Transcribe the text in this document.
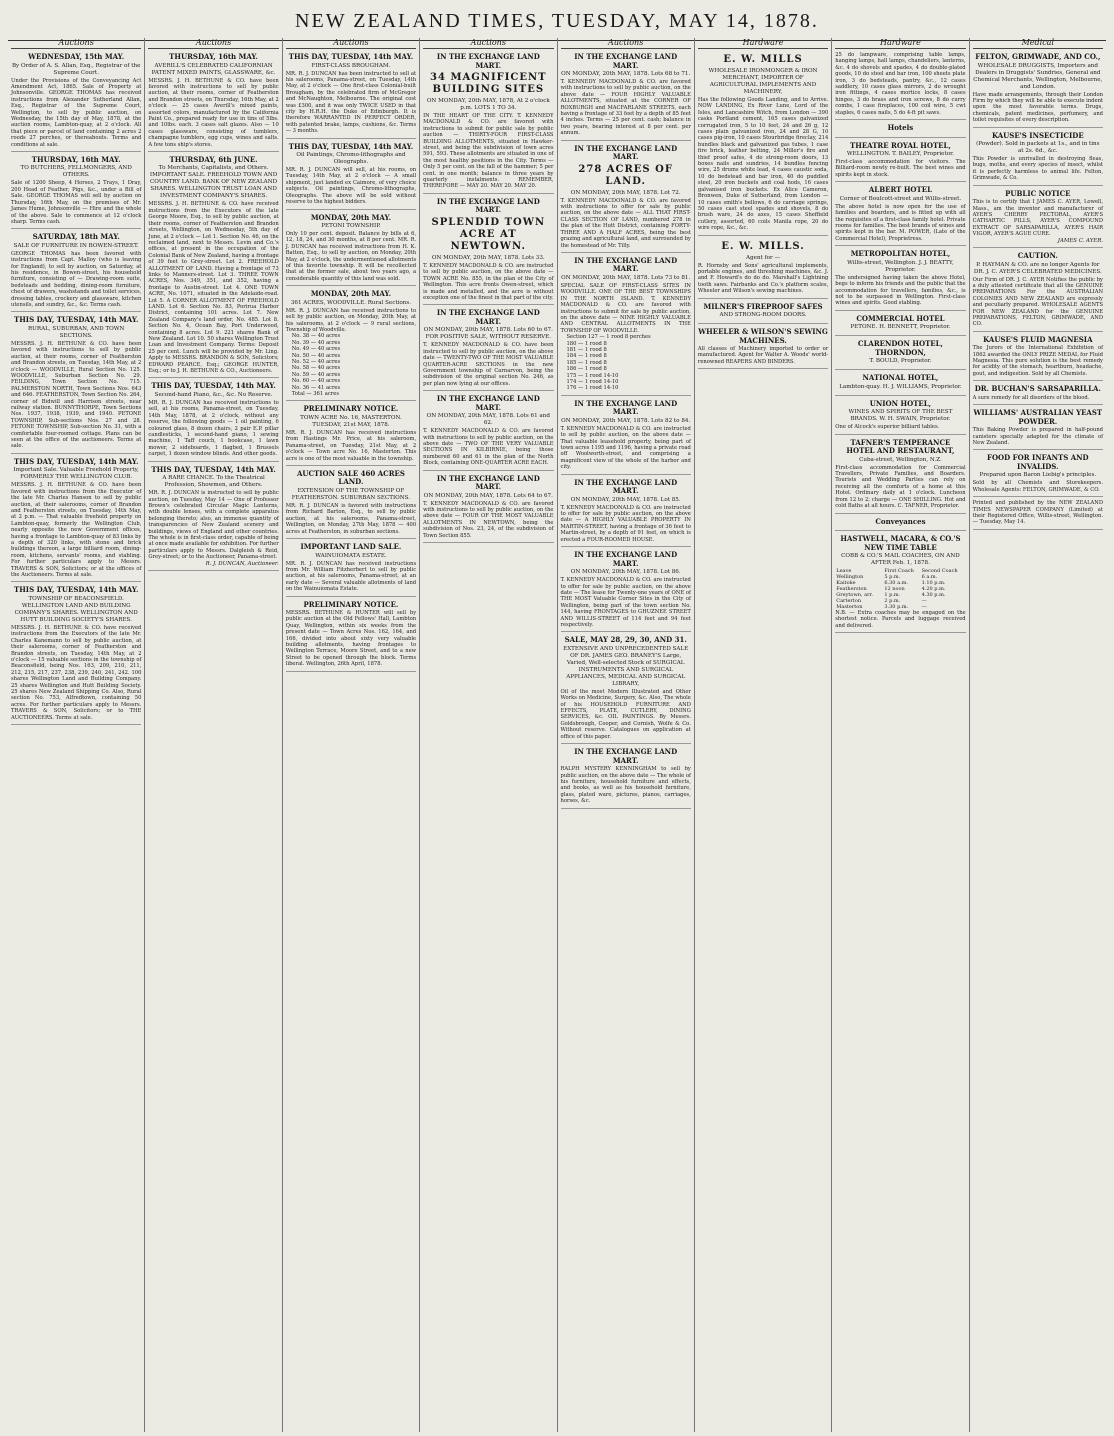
NEW ZEALAND TIMES, TUESDAY, MAY 14, 1878.
Auctions
WEDNESDAY, 15th MAY.
By Order of A. S. Allan, Esq., Registrar of the Supreme Court.
Under the Provisions of the Conveyancing Act Amendment Act, 1865. Sale of Property at Johnsonville. GEORGE THOMAS has received instructions from Alexander Sutherland Allan, Esq., Registrar of the Supreme Court, Wellington, to sell by public auction, on Wednesday, the 15th day of May, 1878, at the auction rooms, Lambton-quay, at 2 o'clock. All that piece or parcel of land containing 2 acres 2 roods 27 perches, or thereabouts. Terms and conditions at sale.
THURSDAY, 16th MAY.
TO BUTCHERS, FELLMONGERS, AND OTHERS.
Sale of 1200 Sheep, 4 Horses, 2 Trays, 1 Dray, 200 Head of Feather, Pigs, &c., under a Bill of Sale. GEORGE THOMAS will sell by auction on Thursday, 16th May, on the premises of Mr. James Hume, Johnsonville — Hire and the whole of the above. Sale to commence at 12 o'clock sharp. Terms cash.
SATURDAY, 18th MAY.
SALE OF FURNITURE IN BOWEN-STREET.
GEORGE THOMAS has been favored with instructions from Capt. Malloy (who is leaving for England), to sell by auction, on Saturday, at his residence, in Bowen-street, his household furniture, consisting of — Drawing-room suite, bedsteads and bedding, dining-room furniture, chest of drawers, washstands and toilet services, dressing tables, crockery and glassware, kitchen utensils, and sundry, &c., &c. Terms cash.
THIS DAY, TUESDAY, 14th MAY.
RURAL, SUBURBAN, AND TOWN SECTIONS.
MESSRS. J. H. BETHUNE & CO. have been favored with instructions to sell by public auction, at their rooms, corner of Featherston and Brandon streets, on Tuesday, 14th May, at 2 o'clock — WOODVILLE, Rural Section No. 125. WOODVILLE, Suburban Section No. 29. FEILDING, Town Section No. 715. PALMERSTON NORTH, Town Sections Nos. 643 and 646. FEATHERSTON, Town Section No. 264, corner of Bidwill and Harrison streets, near railway station. BUNNYTHORPE, Town Sections Nos. 1937, 1938, 1939, and 1940. PETONE TOWNSHIP, Sub-sections Nos. 27 and 28. FETONE TOWNSHIP, Sub-section No. 31, with a comfortable four-roomed cottage. Plans can be seen at the office of the auctioneers. Terms at sale.
THIS DAY, TUESDAY, 14th MAY.
Important Sale. Valuable Freehold Property, FORMERLY THE WELLINGTON CLUB.
MESSRS. J. H. BETHUNE & CO. have been favored with instructions from the Executor of the late Mr. Charles Hanson to sell by public auction, at their salerooms, corner of Brandon and Featherston streets, on Tuesday, 14th May, at 2 p.m. — That valuable freehold property on Lambton-quay, formerly the Wellington Club, nearly opposite the new Government offices, having a frontage to Lambton-quay of 83 links by a depth of 320 links, with stone and brick buildings thereon, a large billiard room, dining-room, kitchens, servants' rooms, and stabling. For further particulars apply to Messrs. TRAVERS & SON, Solicitors; or at the offices of the Auctioneers. Terms at sale.
THIS DAY, TUESDAY, 14th MAY.
TOWNSHIP OF BEACONSFIELD. WELLINGTON LAND AND BUILDING COMPANY'S SHARES. WELLINGTON AND HUTT BUILDING SOCIETY'S SHARES.
MESSRS. J. H. BETHUNE & CO. have received instructions from the Executors of the late Mr. Charles Kanemann to sell by public auction, at their salerooms, corner of Featherston and Brandon streets, on Tuesday, 14th May, at 2 o'clock — 15 valuable sections in the township of Beaconsfield, being Nos. 163, 209, 210, 211, 212, 215, 217, 237, 238, 239, 240, 241, 242. 100 shares Wellington Land and Building Company. 25 shares Wellington and Hutt Building Society. 25 shares New Zealand Shipping Co. Also, Rural section No. 753, Alfredtown, containing 50 acres. For further particulars apply to Messrs. TRAVERS & SON, Solicitors; or to THE AUCTIONEERS. Terms at sale.
Auctions
THURSDAY, 16th MAY.
AVERILL'S CELEBRATED CALIFORNIAN PATENT MIXED PAINTS, GLASSWARE, &c.
MESSRS. J. H. BETHUNE & CO. have been favored with instructions to sell by public auction, at their rooms, corner of Featherston and Brandon streets, on Thursday, 16th May, at 2 o'clock — 25 cases Averill's mixed paints, assorted colors, manufactured by the California Paint Co., prepared ready for use in tins of 5lbs. and 10lbs. each. 3 cases salt glazes. Also — 10 cases glassware, consisting of tumblers, champagne tumblers, egg cups, wines and salts. A few tons ship's stores.
THURSDAY, 6th JUNE.
To Merchants, Capitalists, and Others. IMPORTANT SALE. FREEHOLD TOWN AND COUNTRY LAND. BANK OF NEW ZEALAND SHARES. WELLINGTON TRUST LOAN AND INVESTMENT COMPANY'S SHARES.
MESSRS. J. H. BETHUNE & CO. have received instructions from the Executors of the late George Moore, Esq., to sell by public auction, at their rooms, corner of Featherston and Brandon streets, Wellington, on Wednesday, 5th day of June, at 2 o'clock — Lot 1. Section No. 46, on the reclaimed land, next to Messrs. Levin and Co.'s offices, at present in the occupation of the Colonial Bank of New Zealand, having a frontage of 39 feet to Grey-street. Lot 2. FREEHOLD ALLOTMENT OF LAND. Having a frontage of 73 links to Manners-street. Lot 3. THREE TOWN ACRES, Nos. 349, 351, and 352, having a frontage to Austin-street. Lot 4. ONE TOWN ACRE, No. 1071, situated in the Adelaide-road. Lot 5. A CORNER ALLOTMENT OF FREEHOLD LAND. Lot 6. Section No. 83, Porirua Harbor District, containing 101 acres. Lot 7. New Zealand Company's land order, No. 485. Lot 8. Section No. 4, Ocean Bay, Port Underwood, containing 8 acres. Lot 9. 221 shares Bank of New Zealand. Lot 10. 50 shares Wellington Trust Loan and Investment Company. Terms: Deposit 25 per cent. Lunch will be provided by Mr. Ling. Apply to MESSRS. BRANDON & SON, Solicitors; EDWARD PEARCE, Esq.; GEORGE HUNTER, Esq.; or to J. H. BETHUNE & CO., Auctioneers.
THIS DAY, TUESDAY, 14th MAY.
Second-hand Piano, &c., &c. No Reserve.
MR. R. J. DUNCAN has received instructions to sell, at his rooms, Panama-street, on Tuesday, 14th May, 1878, at 2 o'clock, without any reserve, the following goods — 1 oil painting, 6 coloured glass, 8 dozen chairs, 2 pair E.P. pillar candlesticks, 1 second-hand piano, 1 sewing machine, 1 Taff couch, 1 bookcase, 1 lawn mower, 2 sideboards, 1 flagbed, 1 Brussels carpet, 1 dozen window blinds. And other goods.
THIS DAY, TUESDAY, 14th MAY.
A RARE CHANCE. To the Theatrical Profession, Showmen, and Others.
MR. R. J. DUNCAN is instructed to sell by public auction, on Tuesday, May 14 — One of Professor Brown's celebrated Circular Magic Lanterns, with double lenses, with a complete apparatus belonging thereto; also, an immense quantity of transparencies of New Zealand scenery and buildings, views of England and other countries. The whole is in first-class order, capable of being at once made available for exhibition. For further particulars apply to Messrs. Dalgleish & Reid, Grey-street; or to the Auctioneer, Panama-street.
R. J. DUNCAN, Auctioneer.
Auctions
THIS DAY, TUESDAY, 14th MAY.
FIRST-CLASS BROUGHAM.
MR. R. J. DUNCAN has been instructed to sell at his salerooms, Panama-street, on Tuesday, 14th May, at 2 o'clock — One first-class Colonial-built Brougham, by the celebrated firm of McGregor and McNaughton, Melbourne. The original cost was £300, and it was only TWICE USED in that city by H.R.H. the Duke of Edinburgh. It is therefore WARRANTED IN PERFECT ORDER, with patented brake, lamps, cushions, &c. Terms — 3 months.
THIS DAY, TUESDAY, 14th MAY.
Oil Paintings, Chromo-lithographs and Oleographs.
MR. R. J. DUNCAN will sell, at his rooms, on Tuesday, 14th May, at 2 o'clock — A small shipment, just landed ex Caimore, of very choice subjects. Oil paintings, Chromo-lithographs, Oleographs. The above will be sold without reserve to the highest bidders.
MONDAY, 20th MAY.
PETONI TOWNSHIP.
Only 10 per cent. deposit. Balance by bills at 6, 12, 18, 24, and 30 months, at 8 per cent. MR. R. J. DUNCAN has received instructions from H. K. Batten, Esq., to sell by auction, on Monday, 20th May, at 2 o'clock, the undermentioned allotments of this favorite township. It will be recollected that at the former sale, about two years ago, a considerable quantity of this land was sold.
MONDAY, 20th MAY.
361 ACRES, WOODVILLE. Rural Sections.
MR. R. J. DUNCAN has received instructions to sell by public auction, on Monday, 20th May, at his salerooms, at 2 o'clock — 9 rural sections, Township of Woodville.
No. 38 — 40 acres
No. 39 — 40 acres
No. 49 — 40 acres
No. 50 — 40 acres
No. 52 — 40 acres
No. 58 — 40 acres
No. 59 — 40 acres
No. 60 — 40 acres
No. 36 — 41 acres
Total — 361 acres
PRELIMINARY NOTICE.
TOWN ACRE No. 16, MASTERTON. TUESDAY, 21st MAY, 1878.
MR. R. J. DUNCAN has received instructions from Hastings Mr. Price, at his saleroom, Panama-street, on Tuesday, 21st May, at 2 o'clock — Town acre No. 16, Masterton. This acre is one of the most valuable in the township.
AUCTION SALE 460 ACRES LAND.
EXTENSION OF THE TOWNSHIP OF FEATHERSTON. SUBURBAN SECTIONS.
MR. R. J. DUNCAN is favored with instructions from Richard Barton, Esq., to sell by public auction, at his salerooms, Panama-street, Wellington, on Monday, 27th May, 1878 — 400 acres at Featherston, in suburban sections.
IMPORTANT LAND SALE.
WAINUIOMATA ESTATE.
MR. R. J. DUNCAN has received instructions from Mr. William Fitzherbert to sell by public auction, at his salerooms, Panama-street, at an early date — Several valuable allotments of land on the Wainuiomata Estate.
PRELIMINARY NOTICE.
MESSRS. BETHUNE & HUNTER will sell by public auction at the Old Fellows' Hall, Lambton Quay, Wellington, within six weeks from the present date — Town Acres Nos. 162, 164, and 166, divided into about sixty very valuable building allotments, having frontages to Wellington Terrace, Moore Street, and to a new Street to be opened through the block. Terms liberal. Wellington, 26th April, 1878.
Auctions
IN THE EXCHANGE LAND MART.
34 MAGNIFICENT BUILDING SITES
ON MONDAY, 20th MAY, 1878, At 2 o'clock p.m. LOTS 1 TO 34.
IN THE HEART OF THE CITY. T. KENNEDY MACDONALD & CO. are favored with instructions to submit for public sale by public auction — THIRTY-FOUR FIRST-CLASS BUILDING ALLOTMENTS, situated in Hawker-street, and being the subdivision of town acres 591, 593. These allotments are situated in one of the most healthy positions in the City. Terms — Only 5 per cent. on the fall of the hammer; 5 per cent. in one month; balance in three years by quarterly instalments. REMEMBER, THEREFORE — MAY 20. MAY 20. MAY 20.
IN THE EXCHANGE LAND MART.
SPLENDID TOWN ACRE AT NEWTOWN.
ON MONDAY, 20th MAY, 1878. Lots 33.
T. KENNEDY MACDONALD & CO. are instructed to sell by public auction, on the above date — TOWN ACRE No. 855, in the plan of the City of Wellington. This acre fronts Owen-street, which is made and metalled, and the acre is without exception one of the finest in that part of the city.
IN THE EXCHANGE LAND MART.
ON MONDAY, 20th MAY, 1878. Lots 60 to 67. FOR POSITIVE SALE, WITHOUT RESERVE.
T. KENNEDY MACDONALD & CO. have been instructed to sell by public auction, on the above date — TWENTY-TWO OF THE MOST VALUABLE QUARTER-ACRE SECTIONS in the new Government township of Carnarvon, being the subdivision of the original section No. 246, as per plan now lying at our offices.
IN THE EXCHANGE LAND MART.
ON MONDAY, 20th MAY, 1878. Lots 61 and 62.
T. KENNEDY MACDONALD & CO. are favored with instructions to sell by public auction, on the above date — TWO OF THE VERY VALUABLE SECTIONS IN KILBIRNIE, being those numbered 60 and 61 in the plan of the North Block, containing ONE-QUARTER ACRE EACH.
IN THE EXCHANGE LAND MART.
ON MONDAY, 20th MAY, 1878. Lots 64 to 67.
T. KENNEDY MACDONALD & CO. are favored with instructions to sell by public auction, on the above date — FOUR OF THE MOST VALUABLE ALLOTMENTS IN NEWTOWN, being the subdivision of Nos. 23, 24, of the subdivision of Town Section 855.
Auctions
IN THE EXCHANGE LAND MART.
ON MONDAY, 20th MAY, 1878. Lots 68 to 71.
T. KENNEDY MACDONALD & CO. are favored with instructions to sell by public auction, on the above date — FOUR HIGHLY VALUABLE ALLOTMENTS, situated at the CORNER OF ROXBURGH and MACFARLANE STREETS, each having a frontage of 33 feet by a depth of 85 feet 4 inches. Terms — 25 per cent. cash; balance in two years, bearing interest at 8 per cent. per annum.
IN THE EXCHANGE LAND MART.
278 ACRES OF LAND.
ON MONDAY, 20th MAY, 1878. Lot 72.
T. KENNEDY MACDONALD & CO. are favored with instructions to offer for sale by public auction, on the above date — ALL THAT FIRST-CLASS SECTION OF LAND, numbered 278 in the plan of the Hutt District, containing FORTY-THREE AND A HALF ACRES, being the best grazing and agricultural land, and surrounded by the homestead of Mr. Tilly.
IN THE EXCHANGE LAND MART.
ON MONDAY, 20th MAY, 1878. Lots 73 to 81.
SPECIAL SALE OF FIRST-CLASS SITES IN WOODVILLE. ONE OF THE BEST TOWNSHIPS IN THE NORTH ISLAND. T. KENNEDY MACDONALD & CO. are favored with instructions to submit for sale by public auction, on the above date — NINE HIGHLY VALUABLE AND CENTRAL ALLOTMENTS IN THE TOWNSHIP OF WOODVILLE.
Section 127 — 1 rood 8 perches
180 — 1 rood 8
181 — 1 rood 8
184 — 1 rood 8
185 — 1 rood 8
186 — 1 rood 8
175 — 1 rood 14-10
174 — 1 rood 14-10
176 — 1 rood 14-10
IN THE EXCHANGE LAND MART.
ON MONDAY, 20th MAY, 1878. Lots 82 to 84.
T. KENNEDY MACDONALD & CO. are instructed to sell by public auction, on the above date — That valuable leasehold property, being part of town acres 1195 and 1196, having a private road off Woolworth-street, and comprising a magnificent view of the whole of the harbor and city.
IN THE EXCHANGE LAND MART.
ON MONDAY, 20th MAY, 1878. Lot 85.
T. KENNEDY MACDONALD & CO. are instructed to offer for sale by public auction, on the above date — A HIGHLY VALUABLE PROPERTY IN MARTIN-STREET, having a frontage of 36 feet to Martin-street, by a depth of 91 feet, on which is erected a FOUR-ROOMED HOUSE.
IN THE EXCHANGE LAND MART.
ON MONDAY, 20th MAY, 1878. Lot 86.
T. KENNEDY MACDONALD & CO. are instructed to offer for sale by public auction, on the above date — The lease for Twenty-one years of ONE of THE MOST Valuable Corner Sites in the City of Wellington, being part of the town section No. 144, having FRONTAGES to GHUZNEE STREET AND WILLIS-STREET of 114 feet and 94 feet respectively.
SALE, MAY 28, 29, 30, AND 31.
EXTENSIVE AND UNPRECEDENTED SALE OF DR. JAMES GEO. BRANEY'S Large, Varied, Well-selected Stock of SURGICAL INSTRUMENTS AND SURGICAL APPLIANCES, MEDICAL AND SURGICAL LIBRARY,
Oil of the most Modern Illustrated and Other Works on Medicine, Surgery, &c. Also, The whole of his HOUSEHOLD FURNITURE AND EFFECTS, PLATE, CUTLERY, DINING SERVICES, &c. OIL PAINTINGS. By Messrs. Goldsbrough, Cooper, and Cornish, Wolfe & Co. Without reserve. Catalogues on application at office of this paper.
IN THE EXCHANGE LAND MART.
RALPH MYSTERY KENNINGHAM to sell by public auction, on the above date — The whole of his furniture, household furniture and effects, and books, as well as his household furniture, glass, plated ware, pictures, pianos, carriages, horses, &c.
Hardware
E. W. MILLS
WHOLESALE IRONMONGER & IRON MERCHANT, IMPORTER OF AGRICULTURAL IMPLEMENTS AND MACHINERY,
Has the following Goods Landing, and to Arrive. NOW LANDING, Ex River Lune, Lord of the Isles, and Lancashire Witch, from London — 390 casks Portland cement, 165 cases galvanized corrugated iron, 5 to 10 feet, 24 and 26 g, 12 cases plain galvanized iron, 24 and 28 G, 10 cases pig-iron, 10 cases Stourbridge fireclay, 214 bundles black and galvanized gas tubes, 1 case fire brick, leather belting, 24 Miller's fire and thief proof safes, 4 do strong-room doors, 13 boxes nails and sundries, 14 bundles fencing wire, 25 drums white lead, 4 cases caustic soda, 10 do bedstead and bar iron, 40 do puddled steel, 20 iron buckets and coal hods, 16 cases galvanised iron buckets. Ex Alice Cameron, Bronwen, Duke of Sutherland, from London — 10 cases smith's bellows, 6 do carriage springs, 50 cases cast steel spades and shovels, 8 do brush ware, 24 do axes, 15 cases Sheffield cutlery, assorted, 60 coils Manila rope, 20 do wire rope, &c., &c.
E. W. MILLS.
Agent for —
R. Hornsby and Sons' agricultural implements, portable engines, and threshing machines, &c. J. and F. Howard's do do do. Marshall's Lightning tooth saws. Fairbanks and Co.'s platform scales, Wheeler and Wilson's sewing machines.
MILNER'S FIREPROOF SAFES
AND STRONG-ROOM DOORS.
WHEELER & WILSON'S SEWING MACHINES.
All classes of Machinery imported to order or manufactured. Agent for Walter A. Woods' world-renowned REAPERS AND BINDERS.
Hardware
25 do lampware, comprising table lamps, hanging lamps, hall lamps, chandeliers, lanterns, &c. 4 do shovels and spades, 4 do double-plated goods, 10 do steel and bar iron, 100 sheets plate iron, 3 do bedsteads, pantry, &c., 12 cases saddlery, 10 cases glass mirrors, 2 do wrought iron fittings, 4 cases mortice locks, 8 cases hinges, 3 do brass and iron screws, 8 do curry combs, 1 case fireplaces, 100 coil wire, 5 cwt staples, 6 cases nails, 5 do 4-ft pit saws.
Hotels
THEATRE ROYAL HOTEL,
WELLINGTON. T. BAILEY, Proprietor.
First-class accommodation for visitors. The Billiard-room newly re-built. The best wines and spirits kept in stock.
ALBERT HOTEL
Corner of Boulcott-street and Willis-street.
The above hotel is now open for the use of families and boarders, and is fitted up with all the requisites of a first-class family hotel. Private rooms for families. The best brands of wines and spirits kept in the bar. M. POWER, (Late of the Commercial Hotel), Proprietress.
METROPOLITAN HOTEL,
Willis-street, Wellington. J. J. BEATTY, Proprietor.
The undersigned having taken the above Hotel, begs to inform his friends and the public that the accommodation for travellers, families, &c., is not to be surpassed in Wellington. First-class wines and spirits. Good stabling.
COMMERCIAL HOTEL
PETONE. H. BENNETT, Proprietor.
CLARENDON HOTEL, THORNDON,
T. BOULD, Proprietor.
NATIONAL HOTEL,
Lambton-quay. H. J. WILLIAMS, Proprietor.
UNION HOTEL,
WINES AND SPIRITS OF THE BEST BRANDS. W. H. SWAIN, Proprietor.
One of Alcock's superior billiard tables.
TAFNER'S TEMPERANCE HOTEL AND RESTAURANT,
Cuba-street, Wellington, N.Z.
First-class accommodation for Commercial Travellers, Private Families, and Boarders. Tourists and Wedding Parties can rely on receiving all the comforts of a home at this Hotel. Ordinary daily at 1 o'clock. Luncheon from 12 to 2; charge — ONE SHILLING. Hot and cold Baths at all hours. C. TAFNER, Proprietor.
Conveyances
HASTWELL, MACARA, & CO.'S NEW TIME TABLE
COBB & CO.'S MAIL COACHES, ON AND AFTER Feb. 1, 1878.
Leave		First Coach	Second Coach
Wellington		5 p.m.	6 a.m.
Kaitoke		6.30 a.m.	1.10 p.m.
Featherston		12 noon	4.20 p.m.
Greytown, arr.		1 p.m.	4.30 p.m.
Carterton		2 p.m.	—
Masterton		3.30 p.m.	—
N.B. — Extra coaches may be engaged on the shortest notice. Parcels and luggage received and delivered.
Medical
FELTON, GRIMWADE, AND CO.,
WHOLESALE DRUGGISTS, Importers and Dealers in Druggists' Sundries, General and Chemical Merchants, Wellington, Melbourne, and London.
Have made arrangements, through their London Firm by which they will be able to execute indent upon the most favorable terms. Drugs, chemicals, patent medicines, perfumery, and toilet requisites of every description.
KAUSE'S INSECTICIDE
(Powder). Sold in packets at 1s., and in tins at 2s. 6d., &c.
This Powder is unrivalled in destroying fleas, bugs, moths, and every species of insect, whilst it is perfectly harmless to animal life. Felton, Grimwade, & Co.
PUBLIC NOTICE
This is to certify that I JAMES C. AYER, Lowell, Mass., am the inventor and manufacturer of AYER'S CHERRY PECTORAL, AYER'S CATHARTIC PILLS, AYER'S COMPOUND EXTRACT OF SARSAPARILLA, AYER'S HAIR VIGOR, AYER'S AGUE CURE.
JAMES C. AYER.
CAUTION.
P. HAYMAN & CO. are no longer Agents for DR. J. C. AYER'S CELEBRATED MEDICINES.
Our Firm of DR. J. C. AYER Notifies the public by a duly attested certificate that all the GENUINE PREPARATIONS For the AUSTRALIAN COLONIES AND NEW ZEALAND are expressly and peculiarly prepared. WHOLESALE AGENTS FOR NEW ZEALAND for the GENUINE PREPARATIONS, FELTON, GRIMWADE, AND CO.
KAUSE'S FLUID MAGNESIA
The Jurors of the International Exhibition of 1862 awarded the ONLY PRIZE MEDAL for Fluid Magnesia. This pure solution is the best remedy for acidity of the stomach, heartburn, headache, gout, and indigestion. Sold by all Chemists.
DR. BUCHAN'S SARSAPARILLA.
A sure remedy for all disorders of the blood.
WILLIAMS' AUSTRALIAN YEAST POWDER.
This Baking Powder is prepared in half-pound canisters specially adapted for the climate of New Zealand.
FOOD FOR INFANTS AND INVALIDS.
Prepared upon Baron Liebig's principles.
Sold by all Chemists and Storekeepers. Wholesale Agents: FELTON, GRIMWADE, & CO.
Printed and published by the NEW ZEALAND TIMES NEWSPAPER COMPANY (Limited) at their Registered Office, Willis-street, Wellington. — Tuesday, May 14.
